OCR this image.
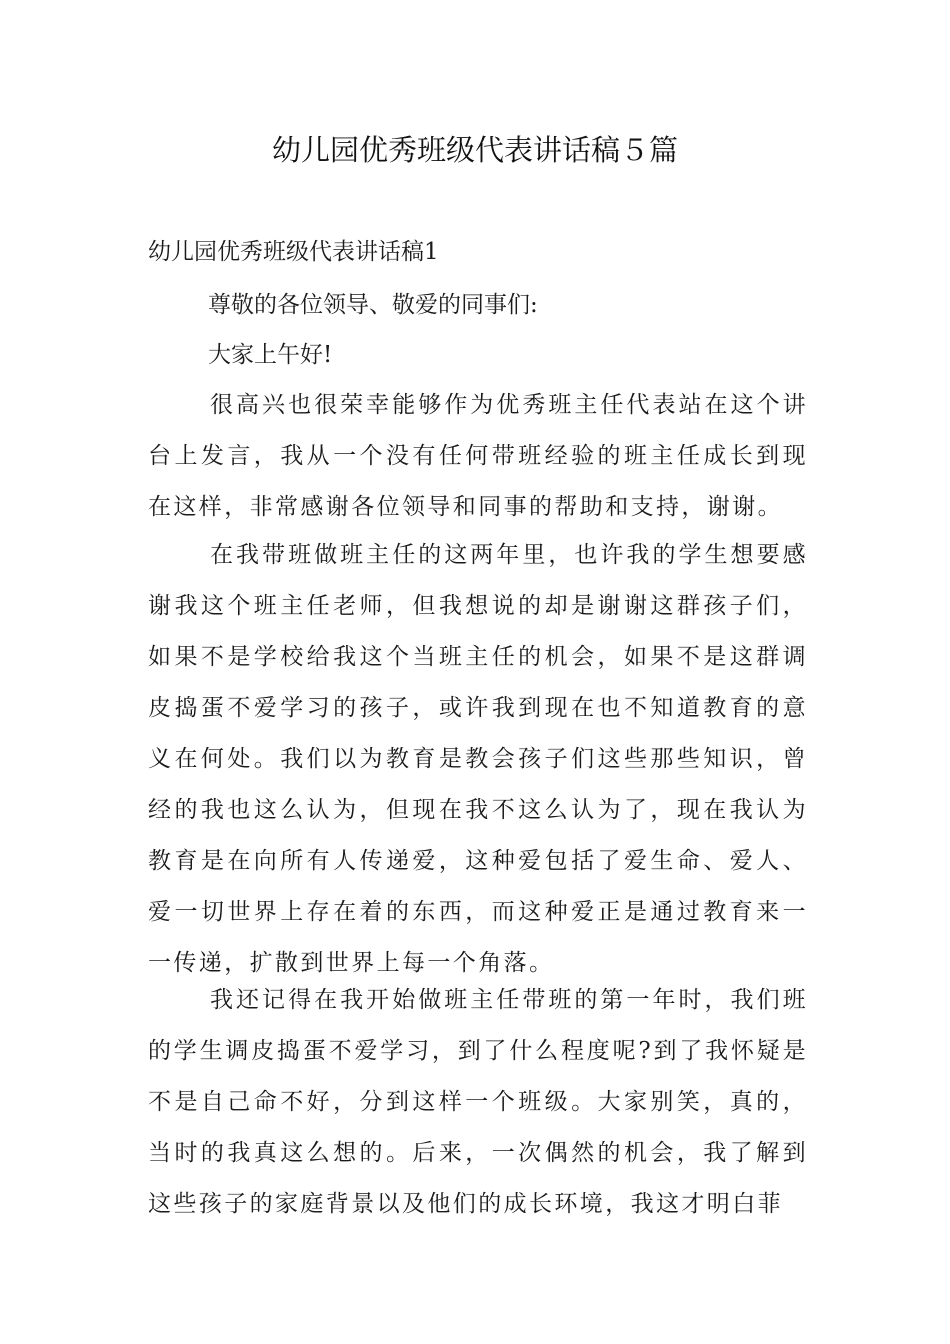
幼儿园优秀班级代表讲话稿５篇
幼儿园优秀班级代表讲话稿1
尊敬的各位领导、敬爱的同事们:
大家上午好!
很高兴也很荣幸能够作为优秀班主任代表站在这个讲台上发言，我从一个没有任何带班经验的班主任成长到现在这样，非常感谢各位领导和同事的帮助和支持，谢谢。
在我带班做班主任的这两年里，也许我的学生想要感谢我这个班主任老师，但我想说的却是谢谢这群孩子们，如果不是学校给我这个当班主任的机会，如果不是这群调皮捣蛋不爱学习的孩子，或许我到现在也不知道教育的意义在何处。我们以为教育是教会孩子们这些那些知识，曾经的我也这么认为，但现在我不这么认为了，现在我认为教育是在向所有人传递爱，这种爱包括了爱生命、爱人、爱一切世界上存在着的东西，而这种爱正是通过教育来一一传递，扩散到世界上每一个角落。
我还记得在我开始做班主任带班的第一年时，我们班的学生调皮捣蛋不爱学习，到了什么程度呢?到了我怀疑是不是自己命不好，分到这样一个班级。大家别笑，真的，当时的我真这么想的。后来，一次偶然的机会，我了解到这些孩子的家庭背景以及他们的成长环境，我这才明白菲
